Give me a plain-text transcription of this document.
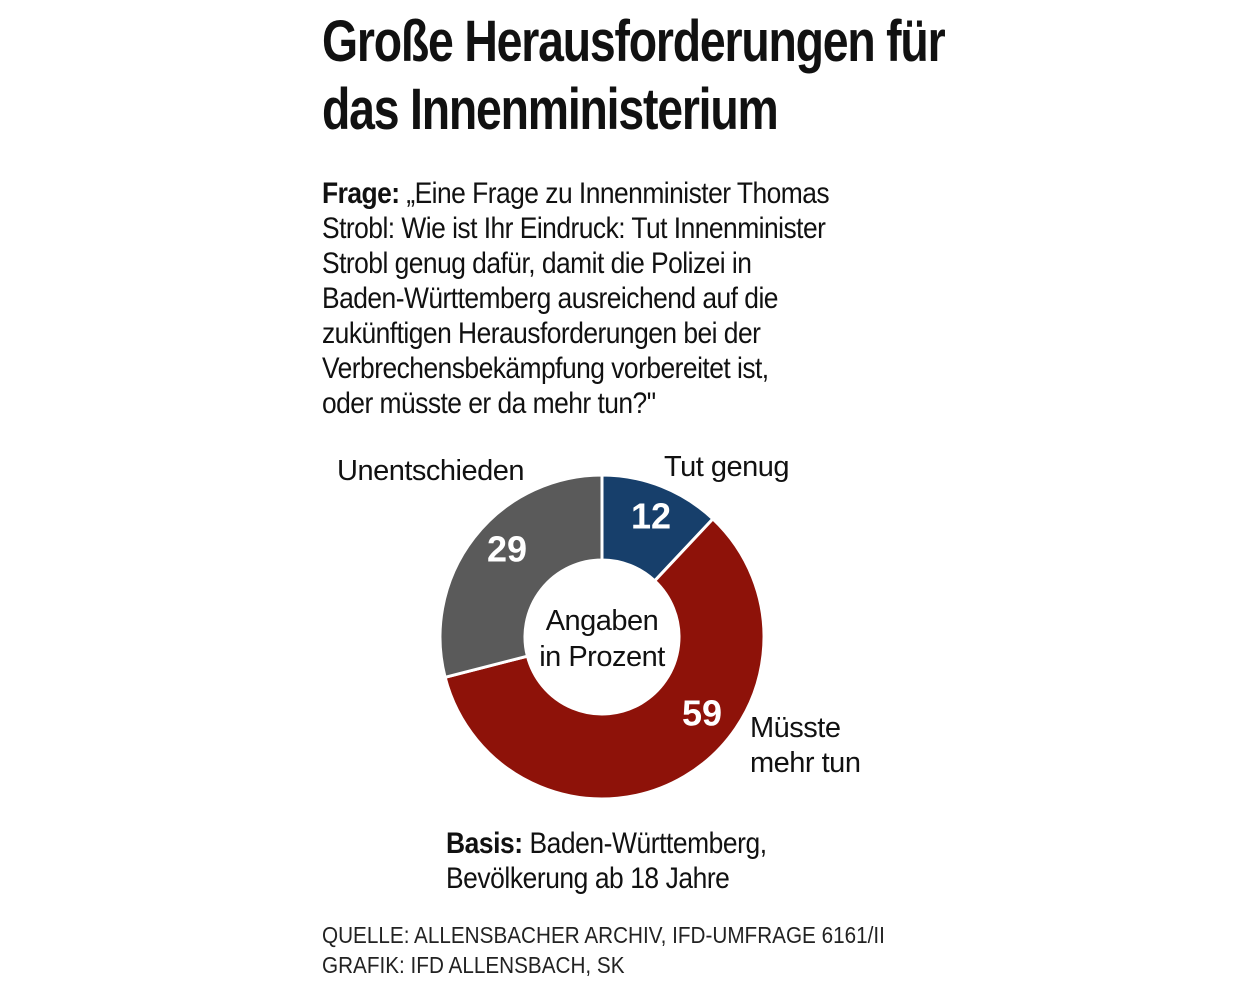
Große Herausforderungen für
das Innenministerium
Frage: „Eine Frage zu Innenminister Thomas
Strobl: Wie ist Ihr Eindruck: Tut Innenminister
Strobl genug dafür, damit die Polizei in
Baden-Württemberg ausreichend auf die
zukünftigen Herausforderungen bei der
Verbrechensbekämpfung vorbereitet ist,
oder müsste er da mehr tun?"
12
Tut genug
59 Müsste mehr tun
29
Unentschieden
Angaben
in Prozent
Basis: Baden-Württemberg,
Bevölkerung ab 18 Jahre
QUELLE: ALLENSBACHER ARCHIV, IFD-UMFRAGE 6161/II
GRAFIK: IFD ALLENSBACH, SK
